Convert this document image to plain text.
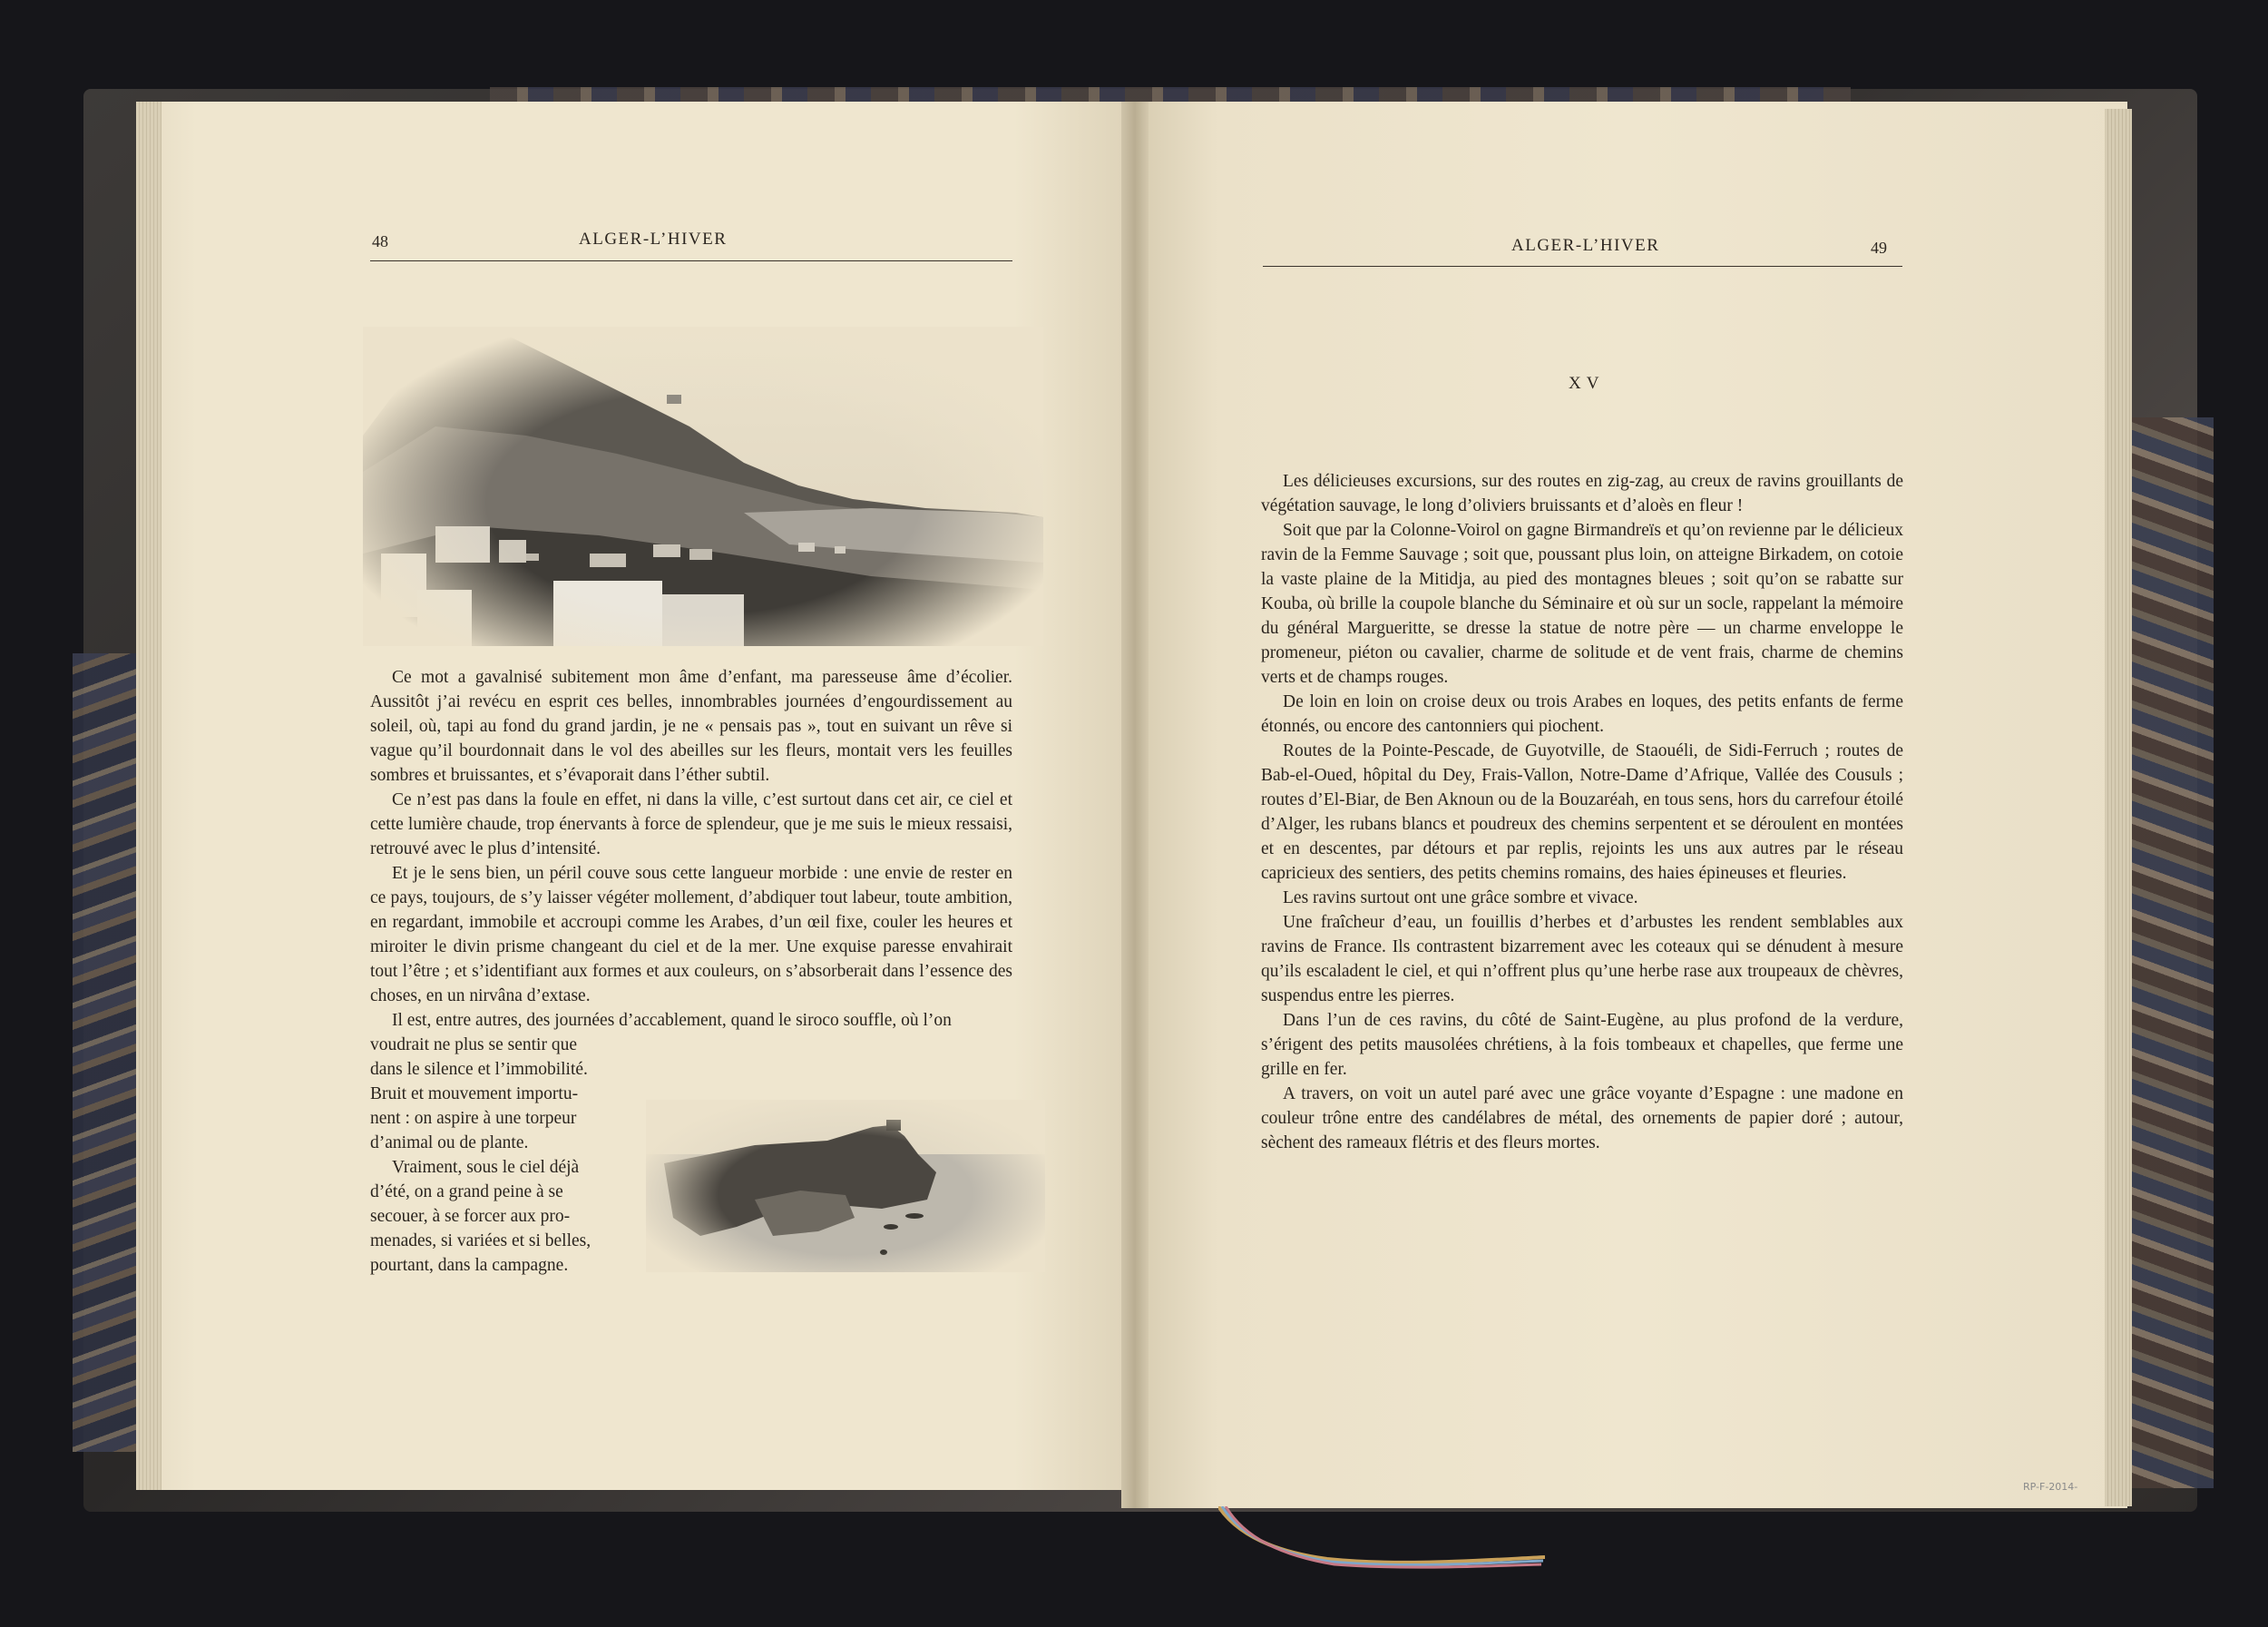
48	ALGER-L’HIVER

Ce mot a gavalnisé subitement mon âme d’enfant, ma paresseuse âme d’écolier. Aussitôt j’ai revécu en esprit ces belles, innombrables journées d’engourdissement au soleil, où, tapi au fond du grand jardin, je ne « pensais pas », tout en suivant un rêve si vague qu’il bourdonnait dans le vol des abeilles sur les fleurs, montait vers les feuilles sombres et bruissantes, et s’évaporait dans l’éther subtil.

Ce n’est pas dans la foule en effet, ni dans la ville, c’est surtout dans cet air, ce ciel et cette lumière chaude, trop énervants à force de splendeur, que je me suis le mieux ressaisi, retrouvé avec le plus d’intensité.

Et je le sens bien, un péril couve sous cette langueur morbide : une envie de rester en ce pays, toujours, de s’y laisser végéter mollement, d’abdiquer tout labeur, toute ambition, en regardant, immobile et accroupi comme les Arabes, d’un œil fixe, couler les heures et miroiter le divin prisme changeant du ciel et de la mer. Une exquise paresse envahirait tout l’être ; et s’identifiant aux formes et aux couleurs, on s’absorberait dans l’essence des choses, en un nirvâna d’extase.

Il est, entre autres, des journées d’accablement, quand le siroco souffle, où l’on

voudrait ne plus se sentir que
dans le silence et l’immobilité.
Bruit et mouvement importu-
nent : on aspire à une torpeur
d’animal ou de plante.
Vraiment, sous le ciel déjà
d’été, on a grand peine à se
secouer, à se forcer aux pro-
menades, si variées et si belles,
pourtant, dans la campagne.
ALGER-L’HIVER	49
XV

Les délicieuses excursions, sur des routes en zig-zag, au creux de ravins grouillants de végétation sauvage, le long d’oliviers bruissants et d’aloès en fleur !

Soit que par la Colonne-Voirol on gagne Birmandreïs et qu’on revienne par le délicieux ravin de la Femme Sauvage ; soit que, poussant plus loin, on atteigne Birkadem, on cotoie la vaste plaine de la Mitidja, au pied des montagnes bleues ; soit qu’on se rabatte sur Kouba, où brille la coupole blanche du Séminaire et où sur un socle, rappelant la mémoire du général Margueritte, se dresse la statue de notre père — un charme enveloppe le promeneur, piéton ou cavalier, charme de solitude et de vent frais, charme de chemins verts et de champs rouges.

De loin en loin on croise deux ou trois Arabes en loques, des petits enfants de ferme étonnés, ou encore des cantonniers qui piochent.

Routes de la Pointe-Pescade, de Guyotville, de Staouéli, de Sidi-Ferruch ; routes de Bab-el-Oued, hôpital du Dey, Frais-Vallon, Notre-Dame d’Afrique, Vallée des Cousuls ; routes d’El-Biar, de Ben Aknoun ou de la Bouzaréah, en tous sens, hors du carrefour étoilé d’Alger, les rubans blancs et poudreux des chemins serpentent et se déroulent en montées et en descentes, par détours et par replis, rejoints les uns aux autres par le réseau capricieux des sentiers, des petits chemins romains, des haies épineuses et fleuries.

Les ravins surtout ont une grâce sombre et vivace.

Une fraîcheur d’eau, un fouillis d’herbes et d’arbustes les rendent semblables aux ravins de France. Ils contrastent bizarrement avec les coteaux qui se dénudent à mesure qu’ils escaladent le ciel, et qui n’offrent plus qu’une herbe rase aux troupeaux de chèvres, suspendus entre les pierres.

Dans l’un de ces ravins, du côté de Saint-Eugène, au plus profond de la verdure, s’érigent des petits mausolées chrétiens, à la fois tombeaux et chapelles, que ferme une grille en fer.

A travers, on voit un autel paré avec une grâce voyante d’Espagne : une madone en couleur trône entre des candélabres de métal, des ornements de papier doré ; autour, sèchent des rameaux flétris et des fleurs mortes.

RP-F-2014-
